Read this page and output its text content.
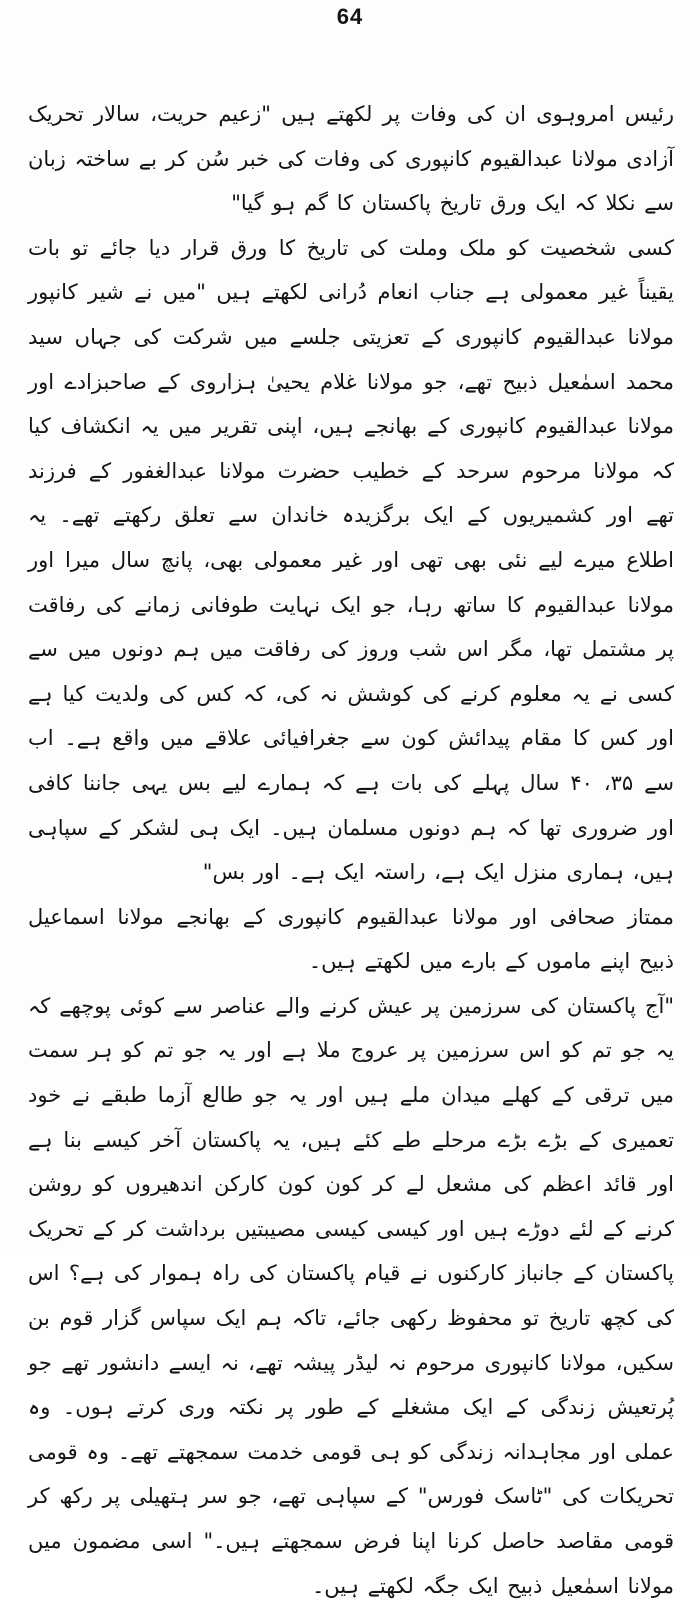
64

رئیس امروہوی ان کی وفات پر لکھتے ہیں "زعیم حریت، سالار تحریک آزادی مولانا عبدالقیوم کانپوری کی وفات کی خبر سُن کر بے ساختہ زبان سے نکلا کہ ایک ورق تاریخ پاکستان کا گم ہو گیا"

کسی شخصیت کو ملک وملت کی تاریخ کا ورق قرار دیا جائے تو بات یقیناً غیر معمولی ہے جناب انعام دُرانی لکھتے ہیں "میں نے شیر کانپور مولانا عبدالقیوم کانپوری کے تعزیتی جلسے میں شرکت کی جہاں سید محمد اسمٰعیل ذبیح تھے، جو مولانا غلام یحییٰ ہزاروی کے صاحبزادے اور مولانا عبدالقیوم کانپوری کے بھانجے ہیں، اپنی تقریر میں یہ انکشاف کیا کہ مولانا مرحوم سرحد کے خطیب حضرت مولانا عبدالغفور کے فرزند تھے اور کشمیریوں کے ایک برگزیدہ خاندان سے تعلق رکھتے تھے۔ یہ اطلاع میرے لیے نئی بھی تھی اور غیر معمولی بھی، پانچ سال میرا اور مولانا عبدالقیوم کا ساتھ رہا، جو ایک نہایت طوفانی زمانے کی رفاقت پر مشتمل تھا، مگر اس شب وروز کی رفاقت میں ہم دونوں میں سے کسی نے یہ معلوم کرنے کی کوشش نہ کی، کہ کس کی ولدیت کیا ہے اور کس کا مقام پیدائش کون سے جغرافیائی علاقے میں واقع ہے۔ اب سے ۳۵، ۴۰ سال پہلے کی بات ہے کہ ہمارے لیے بس یہی جاننا کافی اور ضروری تھا کہ ہم دونوں مسلمان ہیں۔ ایک ہی لشکر کے سپاہی ہیں، ہماری منزل ایک ہے، راستہ ایک ہے۔ اور بس"

ممتاز صحافی اور مولانا عبدالقیوم کانپوری کے بھانجے مولانا اسماعیل ذبیح اپنے ماموں کے بارے میں لکھتے ہیں۔

"آج پاکستان کی سرزمین پر عیش کرنے والے عناصر سے کوئی پوچھے کہ یہ جو تم کو اس سرزمین پر عروج ملا ہے اور یہ جو تم کو ہر سمت میں ترقی کے کھلے میدان ملے ہیں اور یہ جو طالع آزما طبقے نے خود تعمیری کے بڑے بڑے مرحلے طے کئے ہیں، یہ پاکستان آخر کیسے بنا ہے اور قائد اعظم کی مشعل لے کر کون کون کارکن اندھیروں کو روشن کرنے کے لئے دوڑے ہیں اور کیسی کیسی مصیبتیں برداشت کر کے تحریک پاکستان کے جانباز کارکنوں نے قیام پاکستان کی راہ ہموار کی ہے؟ اس کی کچھ تاریخ تو محفوظ رکھی جائے، تاکہ ہم ایک سپاس گزار قوم بن سکیں، مولانا کانپوری مرحوم نہ لیڈر پیشہ تھے، نہ ایسے دانشور تھے جو پُرتعیش زندگی کے ایک مشغلے کے طور پر نکتہ وری کرتے ہوں۔ وہ عملی اور مجاہدانہ زندگی کو ہی قومی خدمت سمجھتے تھے۔ وہ قومی تحریکات کی "ٹاسک فورس" کے سپاہی تھے، جو سر ہتھیلی پر رکھ کر قومی مقاصد حاصل کرنا اپنا فرض سمجھتے ہیں۔" اسی مضمون میں مولانا اسمٰعیل ذبیح ایک جگہ لکھتے ہیں۔
